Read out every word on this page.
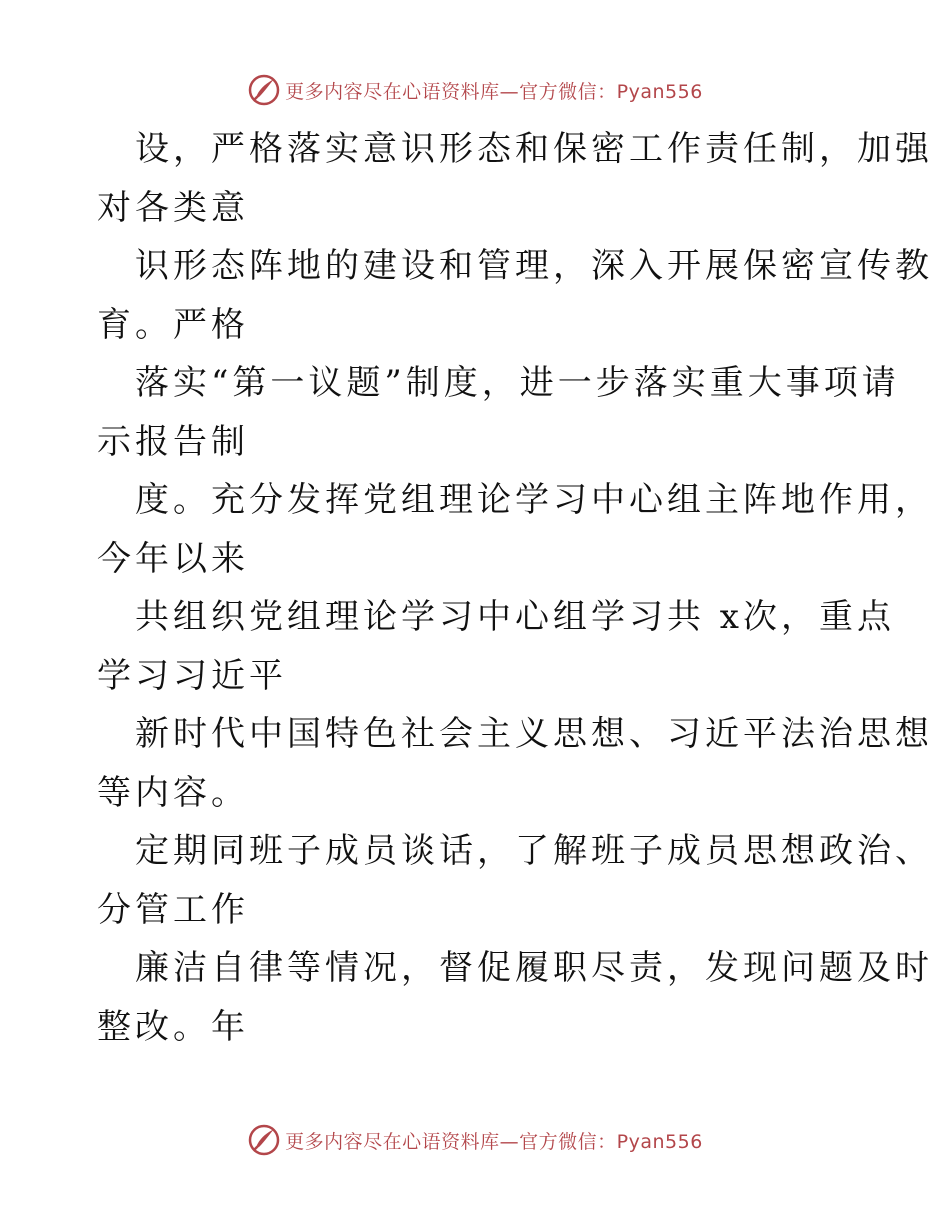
更多内容尽在心语资料库—官方微信：Pyan556
设，严格落实意识形态和保密工作责任制，加强
对各类意
识形态阵地的建设和管理，深入开展保密宣传教
育。严格
落实“第一议题”制度，进一步落实重大事项请
示报告制
度。充分发挥党组理论学习中心组主阵地作用，
今年以来
共组织党组理论学习中心组学习共 x次，重点
学习习近平
新时代中国特色社会主义思想、习近平法治思想
等内容。
定期同班子成员谈话，了解班子成员思想政治、
分管工作
廉洁自律等情况，督促履职尽责，发现问题及时
整改。年
更多内容尽在心语资料库—官方微信：Pyan556
